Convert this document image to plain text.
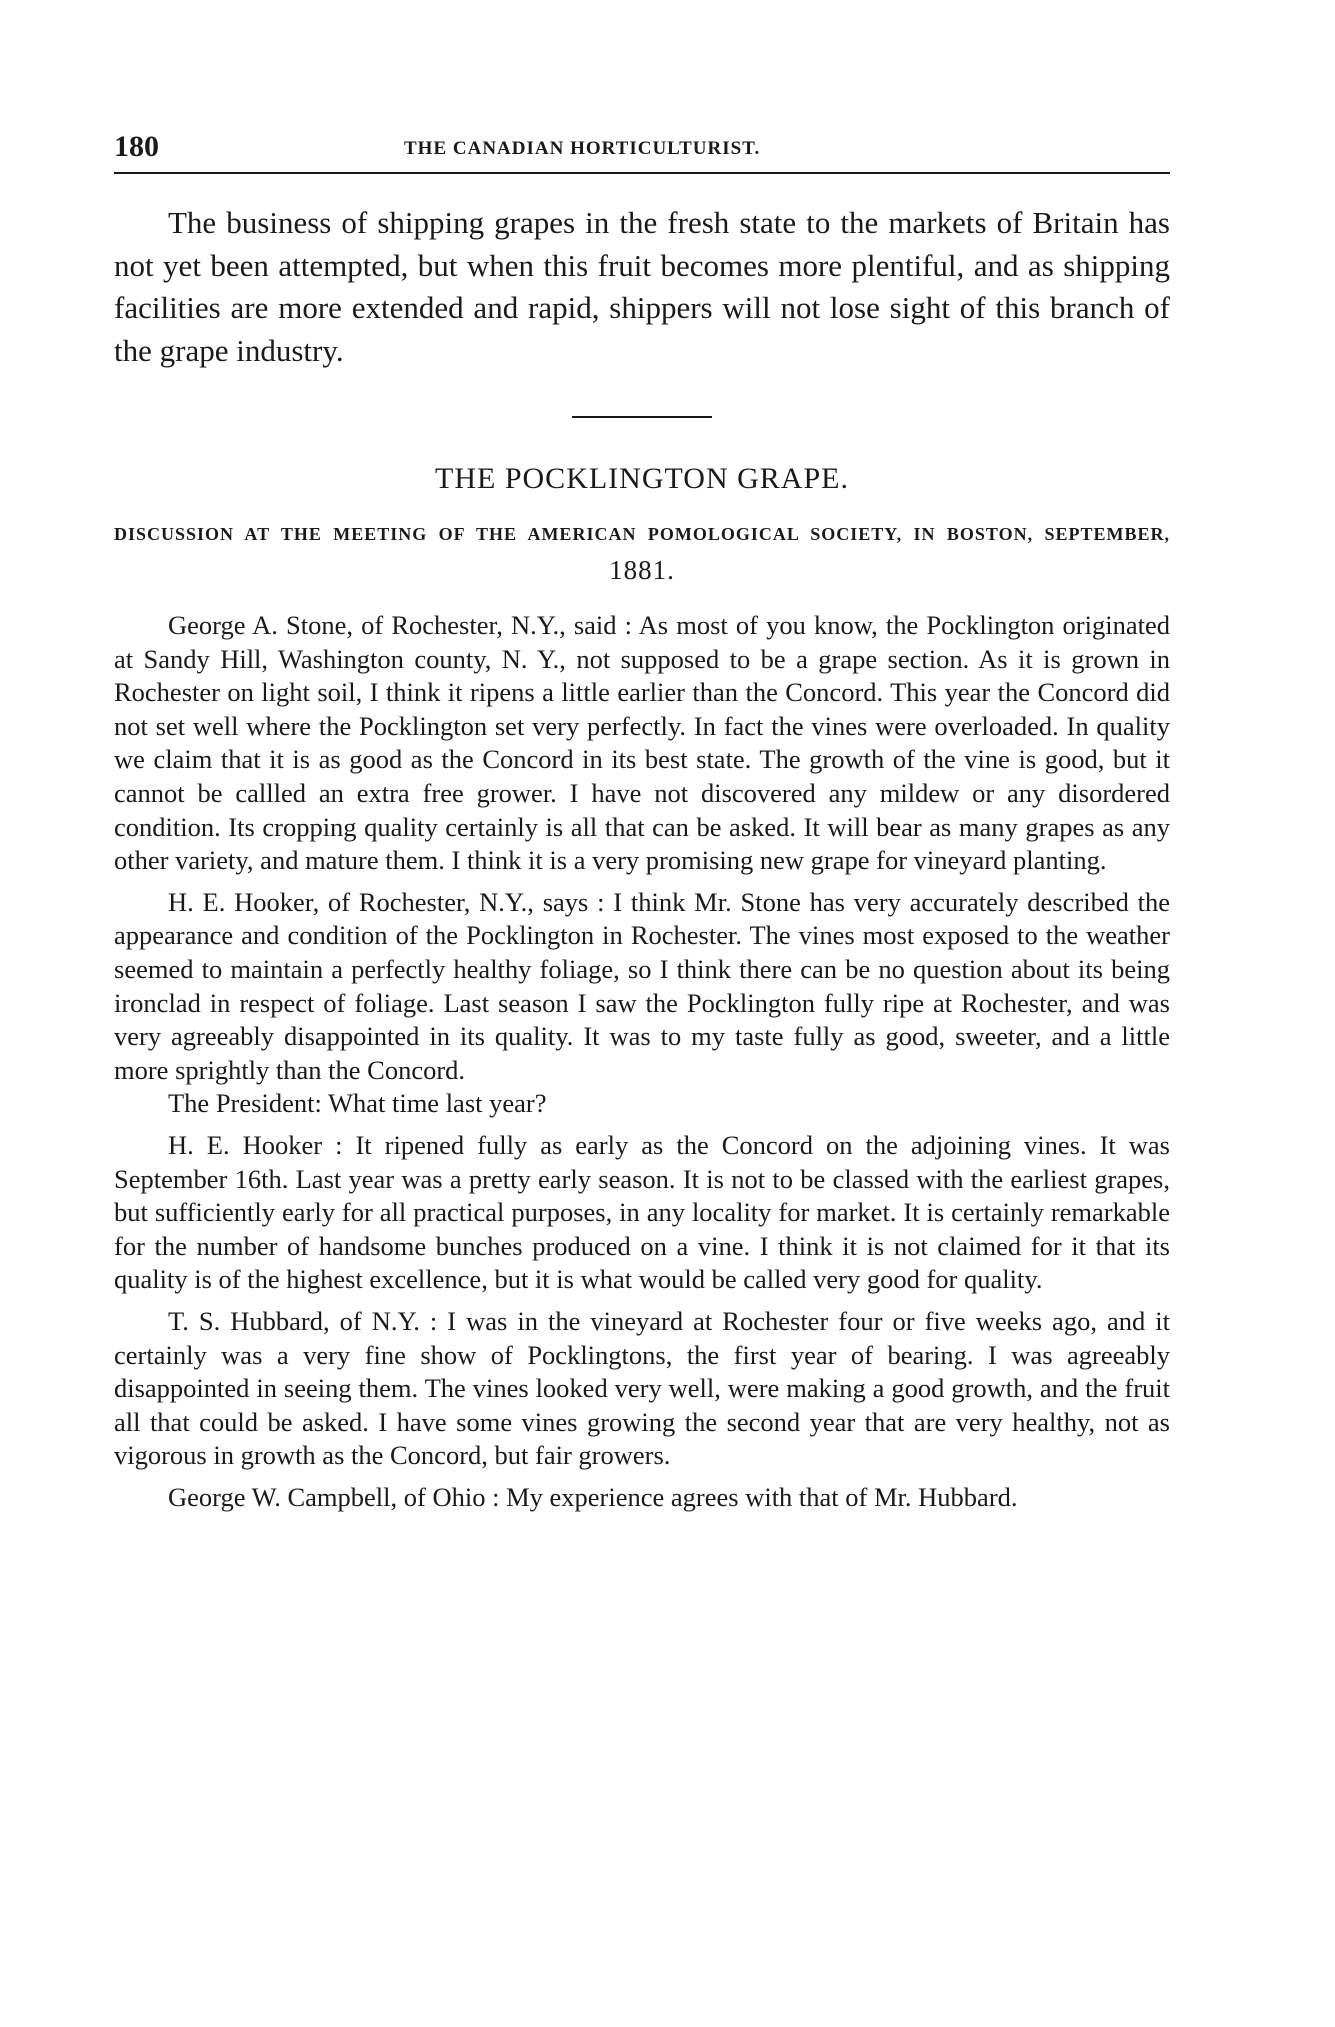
180	THE CANADIAN HORTICULTURIST.

The business of shipping grapes in the fresh state to the markets of Britain has not yet been attempted, but when this fruit becomes more plentiful, and as shipping facilities are more extended and rapid, shippers will not lose sight of this branch of the grape industry.

THE POCKLINGTON GRAPE.
DISCUSSION AT THE MEETING OF THE AMERICAN POMOLOGICAL SOCIETY, IN BOSTON, SEPTEMBER, 1881.

George A. Stone, of Rochester, N.Y., said : As most of you know, the Pocklington originated at Sandy Hill, Washington county, N. Y., not supposed to be a grape section. As it is grown in Rochester on light soil, I think it ripens a little earlier than the Concord. This year the Concord did not set well where the Pocklington set very perfectly. In fact the vines were overloaded. In quality we claim that it is as good as the Concord in its best state. The growth of the vine is good, but it cannot be callled an extra free grower. I have not discovered any mildew or any disordered condition. Its cropping quality certainly is all that can be asked. It will bear as many grapes as any other variety, and mature them. I think it is a very promising new grape for vineyard planting.

H. E. Hooker, of Rochester, N.Y., says : I think Mr. Stone has very accurately described the appearance and condition of the Pocklington in Rochester. The vines most exposed to the weather seemed to maintain a perfectly healthy foliage, so I think there can be no question about its being ironclad in respect of foliage. Last season I saw the Pocklington fully ripe at Rochester, and was very agreeably disappointed in its quality. It was to my taste fully as good, sweeter, and a little more sprightly than the Concord.

The President: What time last year?

H. E. Hooker : It ripened fully as early as the Concord on the adjoining vines. It was September 16th. Last year was a pretty early season. It is not to be classed with the earliest grapes, but sufficiently early for all practical purposes, in any locality for market. It is certainly remarkable for the number of handsome bunches produced on a vine. I think it is not claimed for it that its quality is of the highest excellence, but it is what would be called very good for quality.

T. S. Hubbard, of N.Y. : I was in the vineyard at Rochester four or five weeks ago, and it certainly was a very fine show of Pocklingtons, the first year of bearing. I was agreeably disappointed in seeing them. The vines looked very well, were making a good growth, and the fruit all that could be asked. I have some vines growing the second year that are very healthy, not as vigorous in growth as the Concord, but fair growers.

George W. Campbell, of Ohio : My experience agrees with that of Mr. Hubbard.
